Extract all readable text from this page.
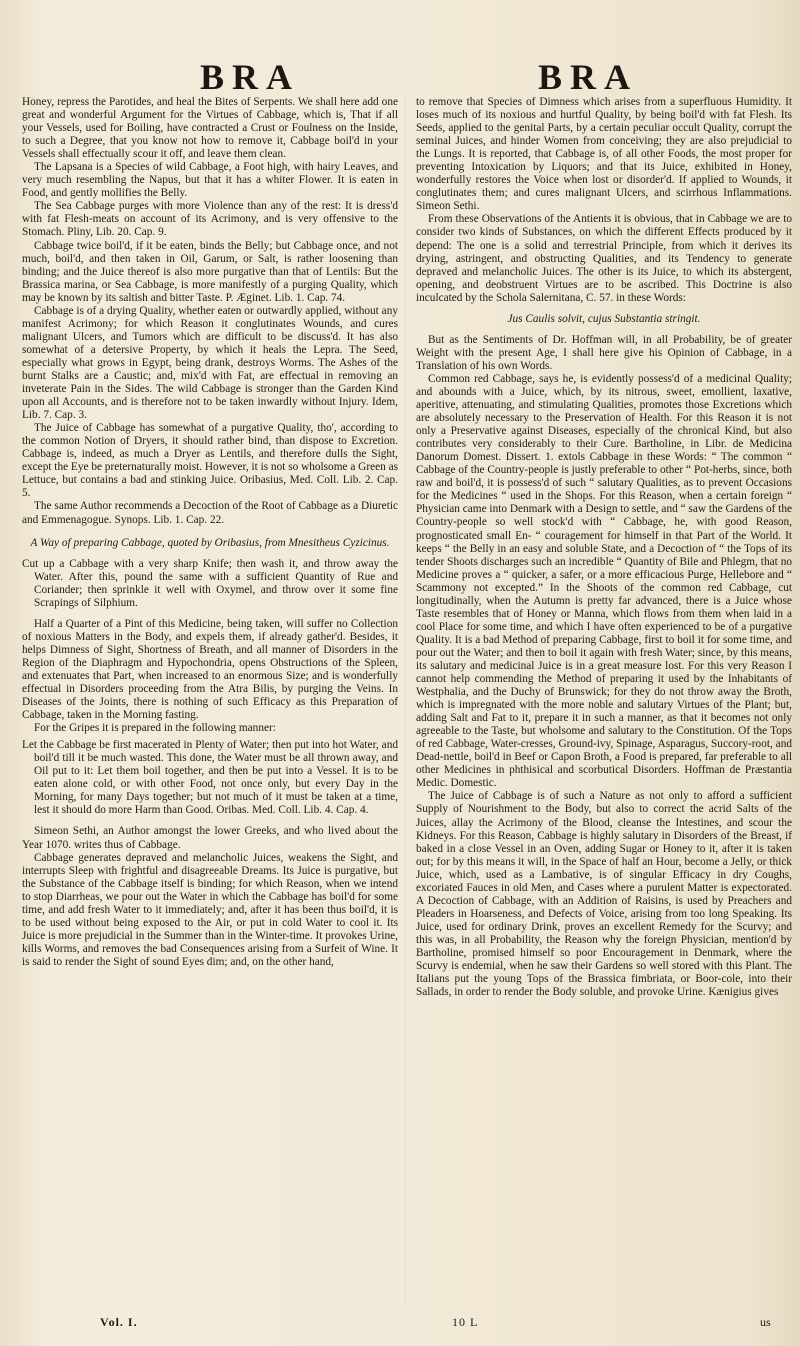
BRA	BRA

Honey, repress the Parotides, and heal the Bites of Serpents. We shall here add one great and wonderful Argument for the Virtues of Cabbage, which is, That if all your Vessels, used for Boiling, have contracted a Crust or Foulness on the Inside, to such a Degree, that you know not how to remove it, Cabbage boil'd in your Vessels shall effectually scour it off, and leave them clean.

The Lapsana is a Species of wild Cabbage, a Foot high, with hairy Leaves, and very much resembling the Napus, but that it has a whiter Flower. It is eaten in Food, and gently mollifies the Belly.

The Sea Cabbage purges with more Violence than any of the rest: It is dress'd with fat Flesh-meats on account of its Acrimony, and is very offensive to the Stomach. Pliny, Lib. 20. Cap. 9.

Cabbage twice boil'd, if it be eaten, binds the Belly; but Cabbage once, and not much, boil'd, and then taken in Oil, Garum, or Salt, is rather loosening than binding; and the Juice thereof is also more purgative than that of Lentils: But the Brassica marina, or Sea Cabbage, is more manifestly of a purging Quality, which may be known by its saltish and bitter Taste. P. Æginet. Lib. 1. Cap. 74.

Cabbage is of a drying Quality, whether eaten or outwardly applied, without any manifest Acrimony; for which Reason it conglutinates Wounds, and cures malignant Ulcers, and Tumors which are difficult to be discuss'd. It has also somewhat of a detersive Property, by which it heals the Lepra. The Seed, especially what grows in Egypt, being drank, destroys Worms. The Ashes of the burnt Stalks are a Caustic; and, mix'd with Fat, are effectual in removing an inveterate Pain in the Sides. The wild Cabbage is stronger than the Garden Kind upon all Accounts, and is therefore not to be taken inwardly without Injury. Idem, Lib. 7. Cap. 3.

The Juice of Cabbage has somewhat of a purgative Quality, tho', according to the common Notion of Dryers, it should rather bind, than dispose to Excretion. Cabbage is, indeed, as much a Dryer as Lentils, and therefore dulls the Sight, except the Eye be preternaturally moist. However, it is not so wholsome a Green as Lettuce, but contains a bad and stinking Juice. Oribasius, Med. Coll. Lib. 2. Cap. 5.

The same Author recommends a Decoction of the Root of Cabbage as a Diuretic and Emmenagogue. Synops. Lib. 1. Cap. 22.

A Way of preparing Cabbage, quoted by Oribasius, from Mnesitheus Cyzicinus.

Cut up a Cabbage with a very sharp Knife; then wash it, and throw away the Water. After this, pound the same with a sufficient Quantity of Rue and Coriander; then sprinkle it well with Oxymel, and throw over it some fine Scrapings of Silphium.

Half a Quarter of a Pint of this Medicine, being taken, will suffer no Collection of noxious Matters in the Body, and expels them, if already gather'd. Besides, it helps Dimness of Sight, Shortness of Breath, and all manner of Disorders in the Region of the Diaphragm and Hypochondria, opens Obstructions of the Spleen, and extenuates that Part, when increased to an enormous Size; and is wonderfully effectual in Disorders proceeding from the Atra Bilis, by purging the Veins. In Diseases of the Joints, there is nothing of such Efficacy as this Preparation of Cabbage, taken in the Morning fasting.

For the Gripes it is prepared in the following manner:

Let the Cabbage be first macerated in Plenty of Water; then put into hot Water, and boil'd till it be much wasted. This done, the Water must be all thrown away, and Oil put to it: Let them boil together, and then be put into a Vessel. It is to be eaten alone cold, or with other Food, not once only, but every Day in the Morning, for many Days together; but not much of it must be taken at a time, lest it should do more Harm than Good. Oribas. Med. Coll. Lib. 4. Cap. 4.

Simeon Sethi, an Author amongst the lower Greeks, and who lived about the Year 1070. writes thus of Cabbage.

Cabbage generates depraved and melancholic Juices, weakens the Sight, and interrupts Sleep with frightful and disagreeable Dreams. Its Juice is purgative, but the Substance of the Cabbage itself is binding; for which Reason, when we intend to stop Diarrheas, we pour out the Water in which the Cabbage has boil'd for some time, and add fresh Water to it immediately; and, after it has been thus boil'd, it is to be used without being exposed to the Air, or put in cold Water to cool it. Its Juice is more prejudicial in the Summer than in the Winter-time. It provokes Urine, kills Worms, and removes the bad Consequences arising from a Surfeit of Wine. It is said to render the Sight of sound Eyes dim; and, on the other hand,

to remove that Species of Dimness which arises from a superfluous Humidity. It loses much of its noxious and hurtful Quality, by being boil'd with fat Flesh. Its Seeds, applied to the genital Parts, by a certain peculiar occult Quality, corrupt the seminal Juices, and hinder Women from conceiving; they are also prejudicial to the Lungs. It is reported, that Cabbage is, of all other Foods, the most proper for preventing Intoxication by Liquors; and that its Juice, exhibited in Honey, wonderfully restores the Voice when lost or disorder'd. If applied to Wounds, it conglutinates them; and cures malignant Ulcers, and scirrhous Inflammations. Simeon Sethi.

From these Observations of the Antients it is obvious, that in Cabbage we are to consider two kinds of Substances, on which the different Effects produced by it depend: The one is a solid and terrestrial Principle, from which it derives its drying, astringent, and obstructing Qualities, and its Tendency to generate depraved and melancholic Juices. The other is its Juice, to which its abstergent, opening, and deobstruent Virtues are to be ascribed. This Doctrine is also inculcated by the Schola Salernitana, C. 57. in these Words:

Jus Caulis solvit, cujus Substantia stringit.

But as the Sentiments of Dr. Hoffman will, in all Probability, be of greater Weight with the present Age, I shall here give his Opinion of Cabbage, in a Translation of his own Words.

Common red Cabbage, says he, is evidently possess'd of a medicinal Quality; and abounds with a Juice, which, by its nitrous, sweet, emollient, laxative, aperitive, attenuating, and stimulating Qualities, promotes those Excretions which are absolutely necessary to the Preservation of Health. For this Reason it is not only a Preservative against Diseases, especially of the chronical Kind, but also contributes very considerably to their Cure. Bartholine, in Libr. de Medicina Danorum Domest. Dissert. 1. extols Cabbage in these Words: “ The common “ Cabbage of the Country-people is justly preferable to other “ Pot-herbs, since, both raw and boil'd, it is possess'd of such “ salutary Qualities, as to prevent Occasions for the Medicines “ used in the Shops. For this Reason, when a certain foreign “ Physician came into Denmark with a Design to settle, and “ saw the Gardens of the Country-people so well stock'd with “ Cabbage, he, with good Reason, prognosticated small En- “ couragement for himself in that Part of the World. It keeps “ the Belly in an easy and soluble State, and a Decoction of “ the Tops of its tender Shoots discharges such an incredible “ Quantity of Bile and Phlegm, that no Medicine proves a “ quicker, a safer, or a more efficacious Purge, Hellebore and “ Scammony not excepted.” In the Shoots of the common red Cabbage, cut longitudinally, when the Autumn is pretty far advanced, there is a Juice whose Taste resembles that of Honey or Manna, which flows from them when laid in a cool Place for some time, and which I have often experienced to be of a purgative Quality. It is a bad Method of preparing Cabbage, first to boil it for some time, and pour out the Water; and then to boil it again with fresh Water; since, by this means, its salutary and medicinal Juice is in a great measure lost. For this very Reason I cannot help commending the Method of preparing it used by the Inhabitants of Westphalia, and the Duchy of Brunswick; for they do not throw away the Broth, which is impregnated with the more noble and salutary Virtues of the Plant; but, adding Salt and Fat to it, prepare it in such a manner, as that it becomes not only agreeable to the Taste, but wholsome and salutary to the Constitution. Of the Tops of red Cabbage, Water-cresses, Ground-ivy, Spinage, Asparagus, Succory-root, and Dead-nettle, boil'd in Beef or Capon Broth, a Food is prepared, far preferable to all other Medicines in phthisical and scorbutical Disorders. Hoffman de Præstantia Medic. Domestic.

The Juice of Cabbage is of such a Nature as not only to afford a sufficient Supply of Nourishment to the Body, but also to correct the acrid Salts of the Juices, allay the Acrimony of the Blood, cleanse the Intestines, and scour the Kidneys. For this Reason, Cabbage is highly salutary in Disorders of the Breast, if baked in a close Vessel in an Oven, adding Sugar or Honey to it, after it is taken out; for by this means it will, in the Space of half an Hour, become a Jelly, or thick Juice, which, used as a Lambative, is of singular Efficacy in dry Coughs, excoriated Fauces in old Men, and Cases where a purulent Matter is expectorated. A Decoction of Cabbage, with an Addition of Raisins, is used by Preachers and Pleaders in Hoarseness, and Defects of Voice, arising from too long Speaking. Its Juice, used for ordinary Drink, proves an excellent Remedy for the Scurvy; and this was, in all Probability, the Reason why the foreign Physician, mention'd by Bartholine, promised himself so poor Encouragement in Denmark, where the Scurvy is endemial, when he saw their Gardens so well stored with this Plant. The Italians put the young Tops of the Brassica fimbriata, or Boor-cole, into their Sallads, in order to render the Body soluble, and provoke Urine. Kænigius gives

Vol. I.	10 L	us
